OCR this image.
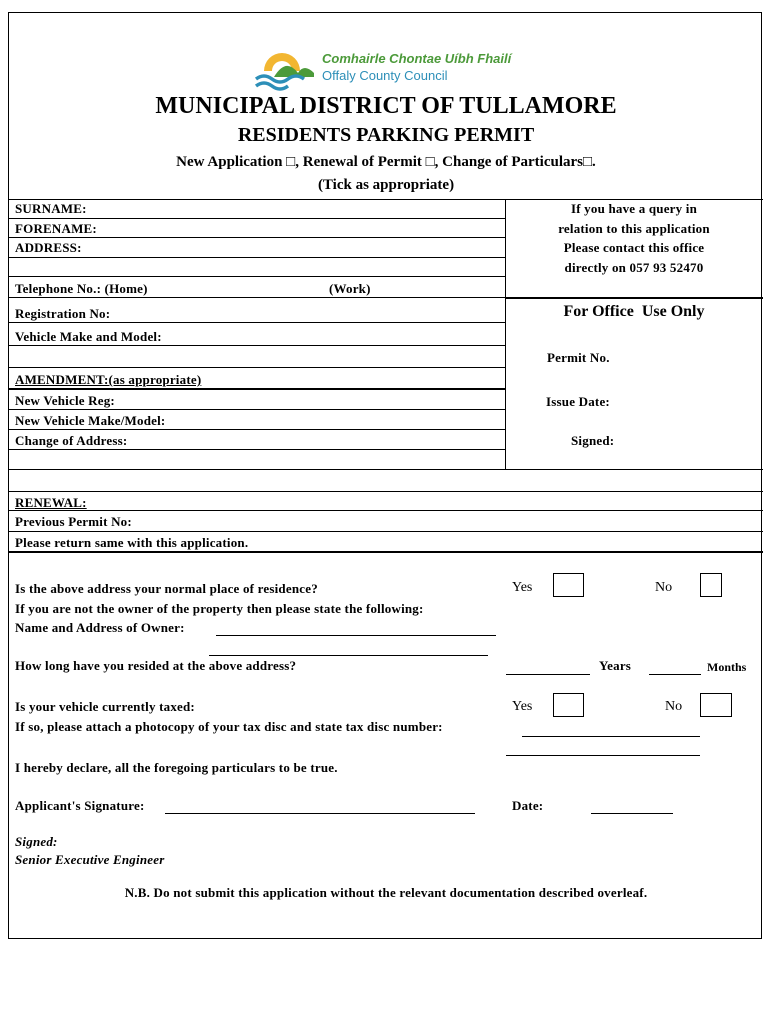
Comhairle Chontae Uíbh Fhailí
Offaly County Council
MUNICIPAL DISTRICT OF TULLAMORE
RESIDENTS PARKING PERMIT
New Application □, Renewal of Permit □, Change of Particulars□.
(Tick as appropriate)
SURNAME:
FORENAME:
ADDRESS:
Telephone No.: (Home)	(Work)
Registration No:
Vehicle Make and Model:
If you have a query in
relation to this application
Please contact this office
directly on 057 93 52470
For Office  Use Only
Permit No.
Issue Date:
Signed:
AMENDMENT:(as appropriate)
New Vehicle Reg:
New Vehicle Make/Model:
Change of Address:
RENEWAL:
Previous Permit No:
Please return same with this application.
Is the above address your normal place of residence?	Yes	No
If you are not the owner of the property then please state the following:
Name and Address of Owner:
How long have you resided at the above address?	Years	Months
Is your vehicle currently taxed:	Yes	No
If so, please attach a photocopy of your tax disc and state tax disc number:
I hereby declare, all the foregoing particulars to be true.
Applicant's Signature:	Date:
Signed:
Senior Executive Engineer
N.B. Do not submit this application without the relevant documentation described overleaf.
